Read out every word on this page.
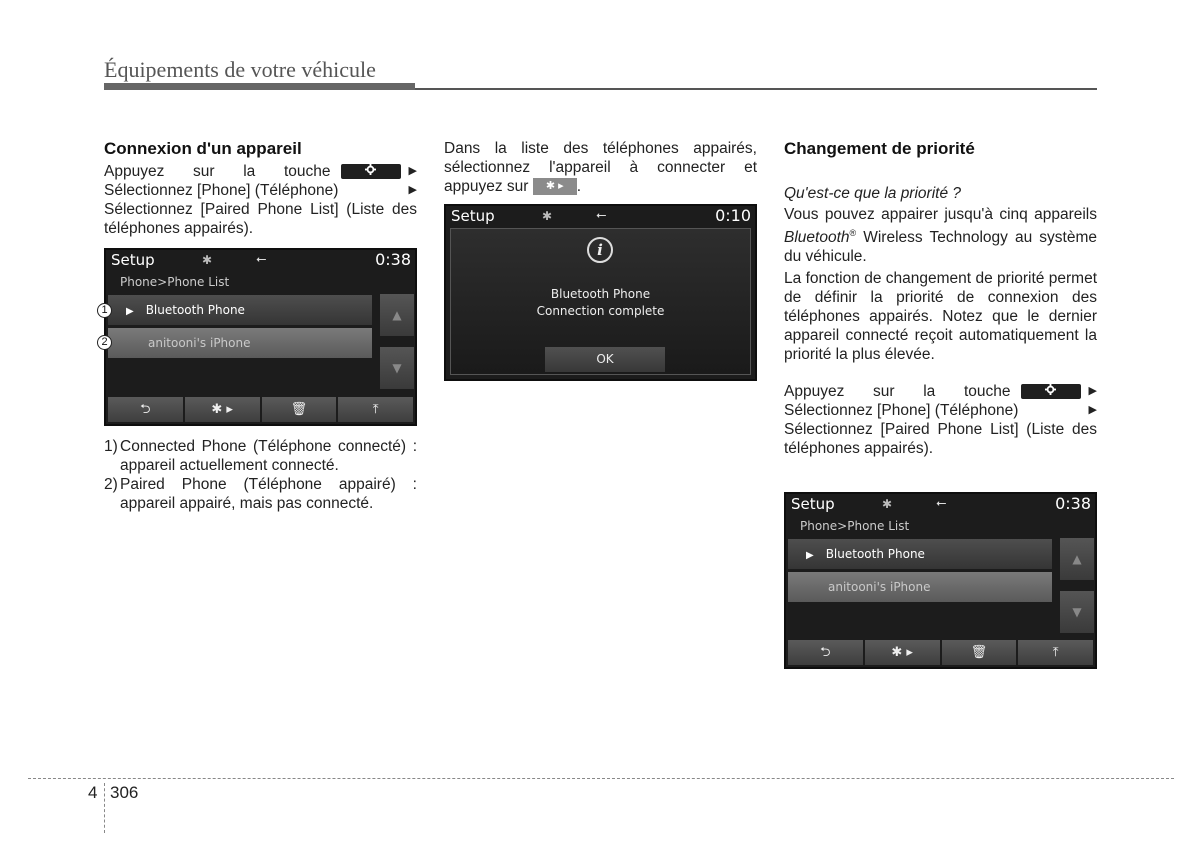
Équipements de votre véhicule
Connexion d'un appareil
Appuyez sur la touche	▶
Sélectionnez [Phone] (Téléphone)	▶

Sélectionnez [Paired Phone List] (Liste des téléphones appairés).

Setup	✱	⭠	0:38
Phone>Phone List
▶ Bluetooth Phone
anitooni's iPhone
▲
▼
⮌	✱ ▸	🗑	⤒
1
2
1) Connected Phone (Téléphone connecté) : appareil actuellement connecté.
2) Paired Phone (Téléphone appairé) : appareil appairé, mais pas connecté.

Dans la liste des téléphones appairés, sélectionnez l'appareil à connecter et appuyez sur ✱ ▸ .

Setup	✱	⭠	0:10
i
Bluetooth Phone
Connection complete
OK
Changement de priorité

Qu'est-ce que la priorité ?

Vous pouvez appairer jusqu'à cinq appareils Bluetooth® Wireless Technology au système du véhicule.

La fonction de changement de priorité permet de définir la priorité de connexion des téléphones appairés. Notez que le dernier appareil connecté reçoit automatiquement la priorité la plus élevée.

Appuyez sur la touche	▶
Sélectionnez [Phone] (Téléphone)	▶

Sélectionnez [Paired Phone List] (Liste des téléphones appairés).

Setup	✱	⭠	0:38
Phone>Phone List
▶ Bluetooth Phone
anitooni's iPhone
▲
▼
⮌	✱ ▸	🗑	⤒
4 306
